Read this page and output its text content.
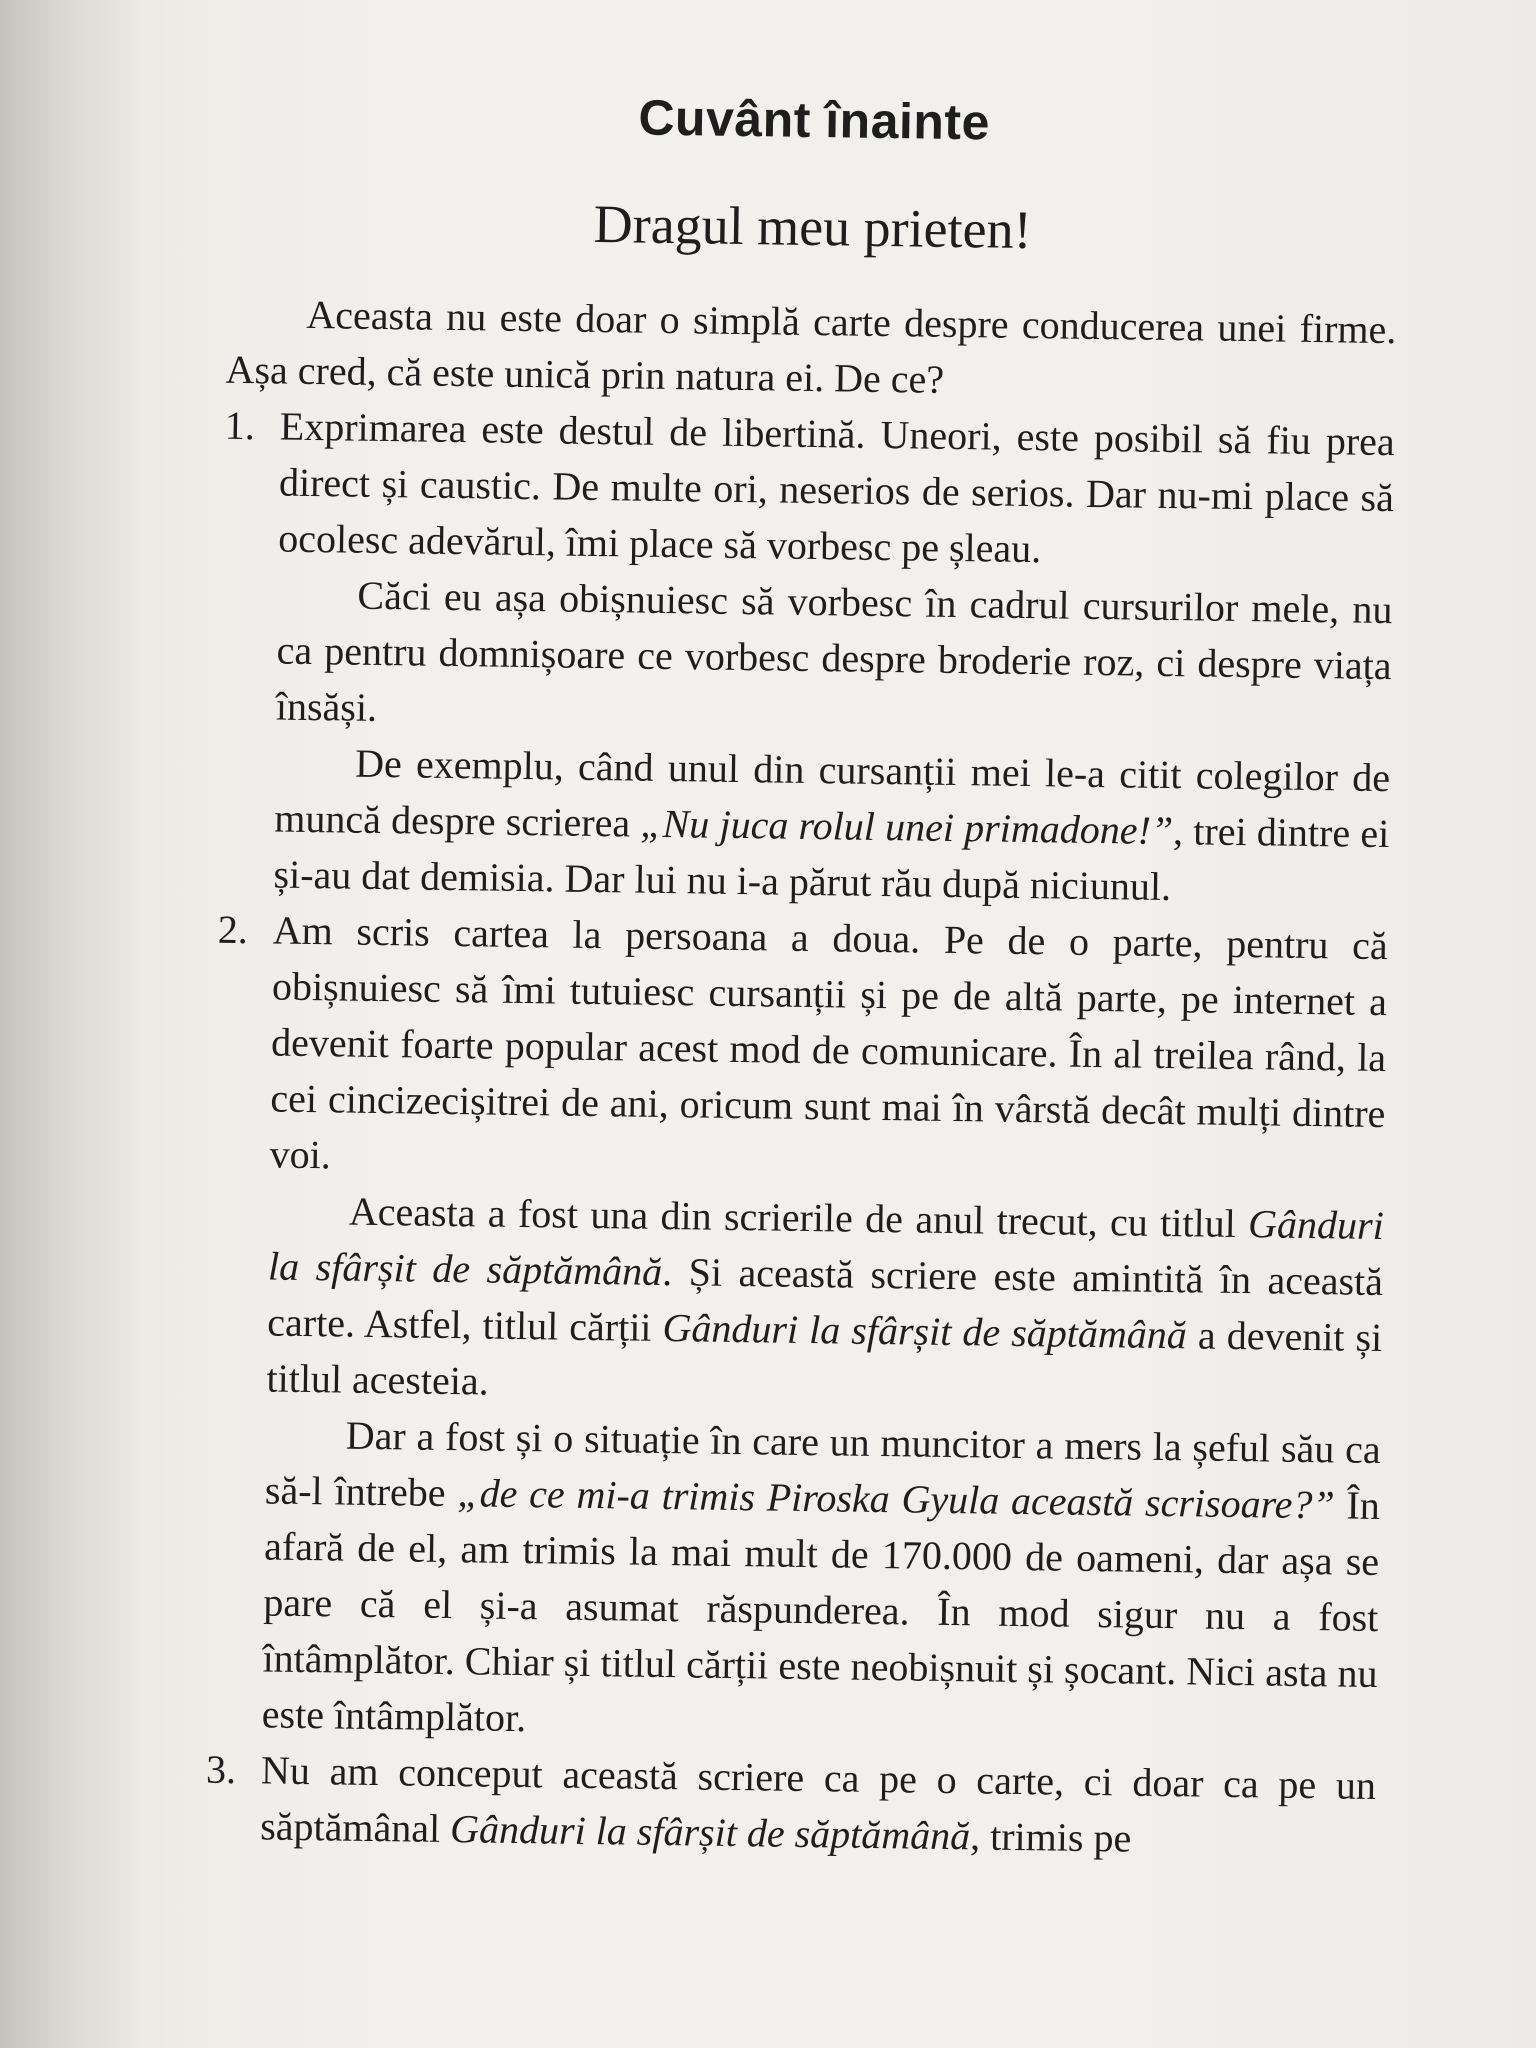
Cuvânt înainte
Dragul meu prieten!

Aceasta nu este doar o simplă carte despre conducerea unei firme. Așa cred, că este unică prin natura ei. De ce?

1. Exprimarea este destul de libertină. Uneori, este posibil să fiu prea direct și caustic. De multe ori, neserios de serios. Dar nu-mi place să ocolesc adevărul, îmi place să vorbesc pe șleau.

Căci eu așa obișnuiesc să vorbesc în cadrul cursurilor mele, nu ca pentru domnișoare ce vorbesc despre broderie roz, ci despre viața însăși.

De exemplu, când unul din cursanții mei le-a citit colegilor de muncă despre scrierea „Nu juca rolul unei primadone!”, trei dintre ei și-au dat demisia. Dar lui nu i-a părut rău după niciunul.

2. Am scris cartea la persoana a doua. Pe de o parte, pentru că obișnuiesc să îmi tutuiesc cursanții și pe de altă parte, pe internet a devenit foarte popular acest mod de comunicare. În al treilea rând, la cei cincizecișitrei de ani, oricum sunt mai în vârstă decât mulți dintre voi.

Aceasta a fost una din scrierile de anul trecut, cu titlul Gânduri la sfârșit de săptămână. Și această scriere este amintită în această carte. Astfel, titlul cărții Gânduri la sfârșit de săptămână a devenit și titlul acesteia.

Dar a fost și o situație în care un muncitor a mers la șeful său ca să-l întrebe „de ce mi-a trimis Piroska Gyula această scrisoare?” În afară de el, am trimis la mai mult de 170.000 de oameni, dar așa se pare că el și-a asumat răspunderea. În mod sigur nu a fost întâmplător. Chiar și titlul cărții este neobișnuit și șocant. Nici asta nu este întâmplător.

3. Nu am conceput această scriere ca pe o carte, ci doar ca pe un săptămânal Gânduri la sfârșit de săptămână, trimis pe
